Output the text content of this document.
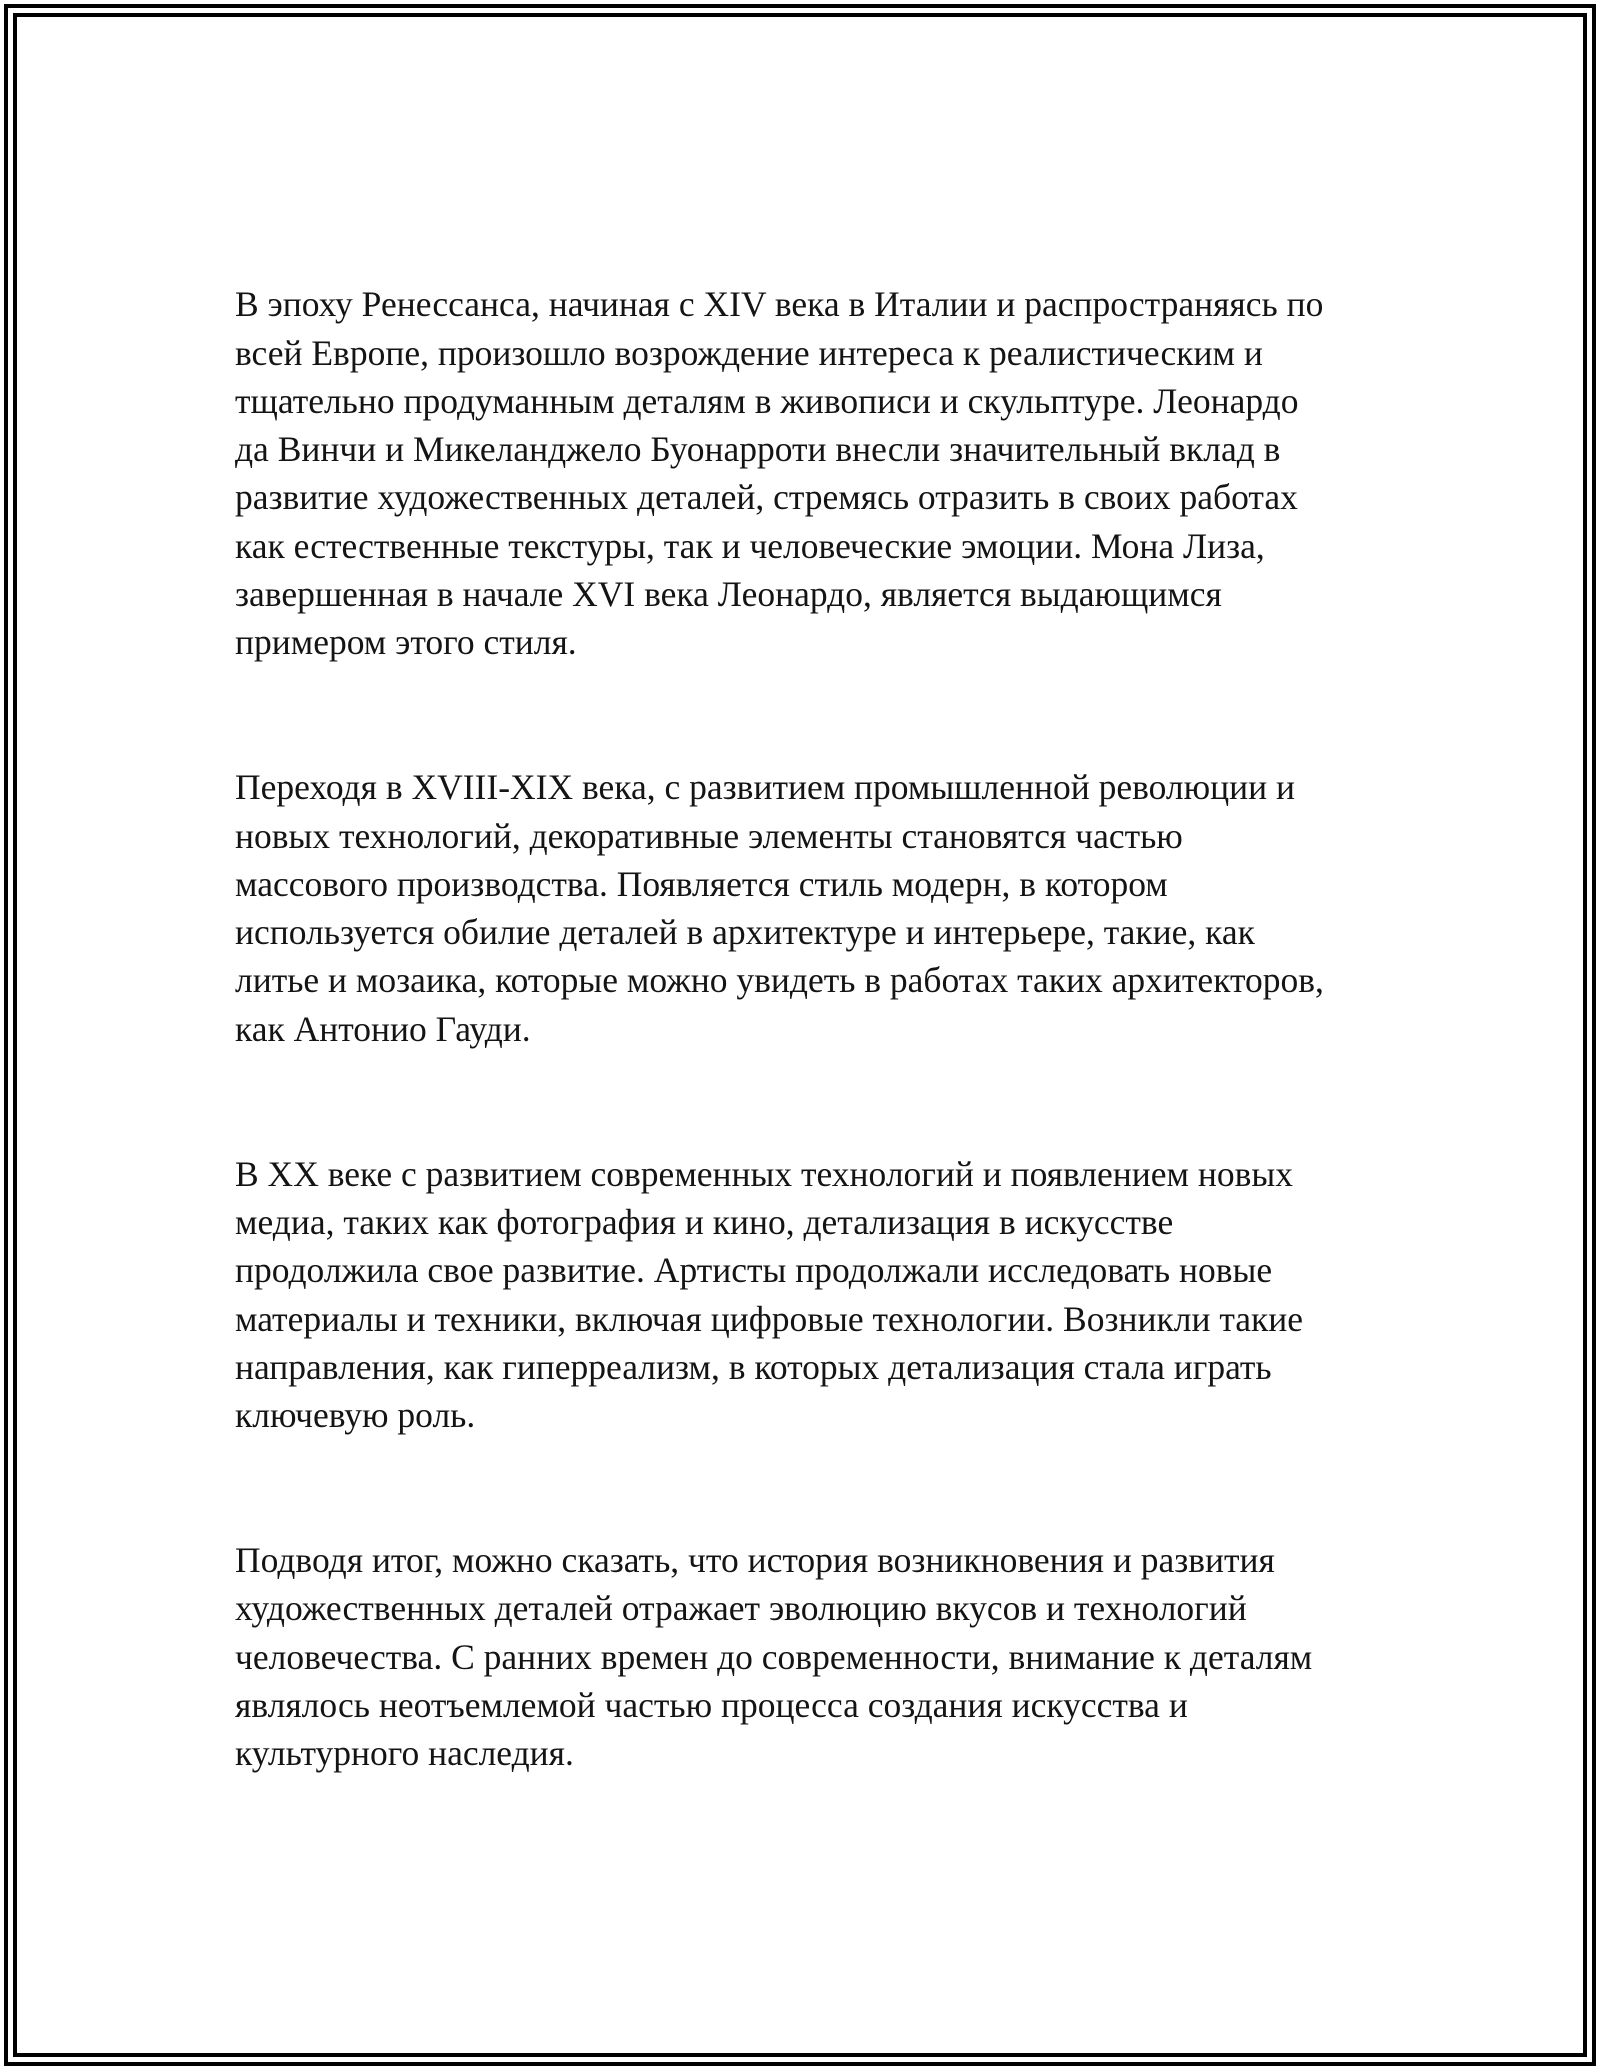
В эпоху Ренессанса, начиная с XIV века в Италии и распространяясь по
всей Европе, произошло возрождение интереса к реалистическим и
тщательно продуманным деталям в живописи и скульптуре. Леонардо
да Винчи и Микеланджело Буонарроти внесли значительный вклад в
развитие художественных деталей, стремясь отразить в своих работах
как естественные текстуры, так и человеческие эмоции. Мона Лиза,
завершенная в начале XVI века Леонардо, является выдающимся
примером этого стиля.

Переходя в XVIII-XIX века, с развитием промышленной революции и
новых технологий, декоративные элементы становятся частью
массового производства. Появляется стиль модерн, в котором
используется обилие деталей в архитектуре и интерьере, такие, как
литье и мозаика, которые можно увидеть в работах таких архитекторов,
как Антонио Гауди.

В XX веке с развитием современных технологий и появлением новых
медиа, таких как фотография и кино, детализация в искусстве
продолжила свое развитие. Артисты продолжали исследовать новые
материалы и техники, включая цифровые технологии. Возникли такие
направления, как гиперреализм, в которых детализация стала играть
ключевую роль.

Подводя итог, можно сказать, что история возникновения и развития
художественных деталей отражает эволюцию вкусов и технологий
человечества. С ранних времен до современности, внимание к деталям
являлось неотъемлемой частью процесса создания искусства и
культурного наследия.
